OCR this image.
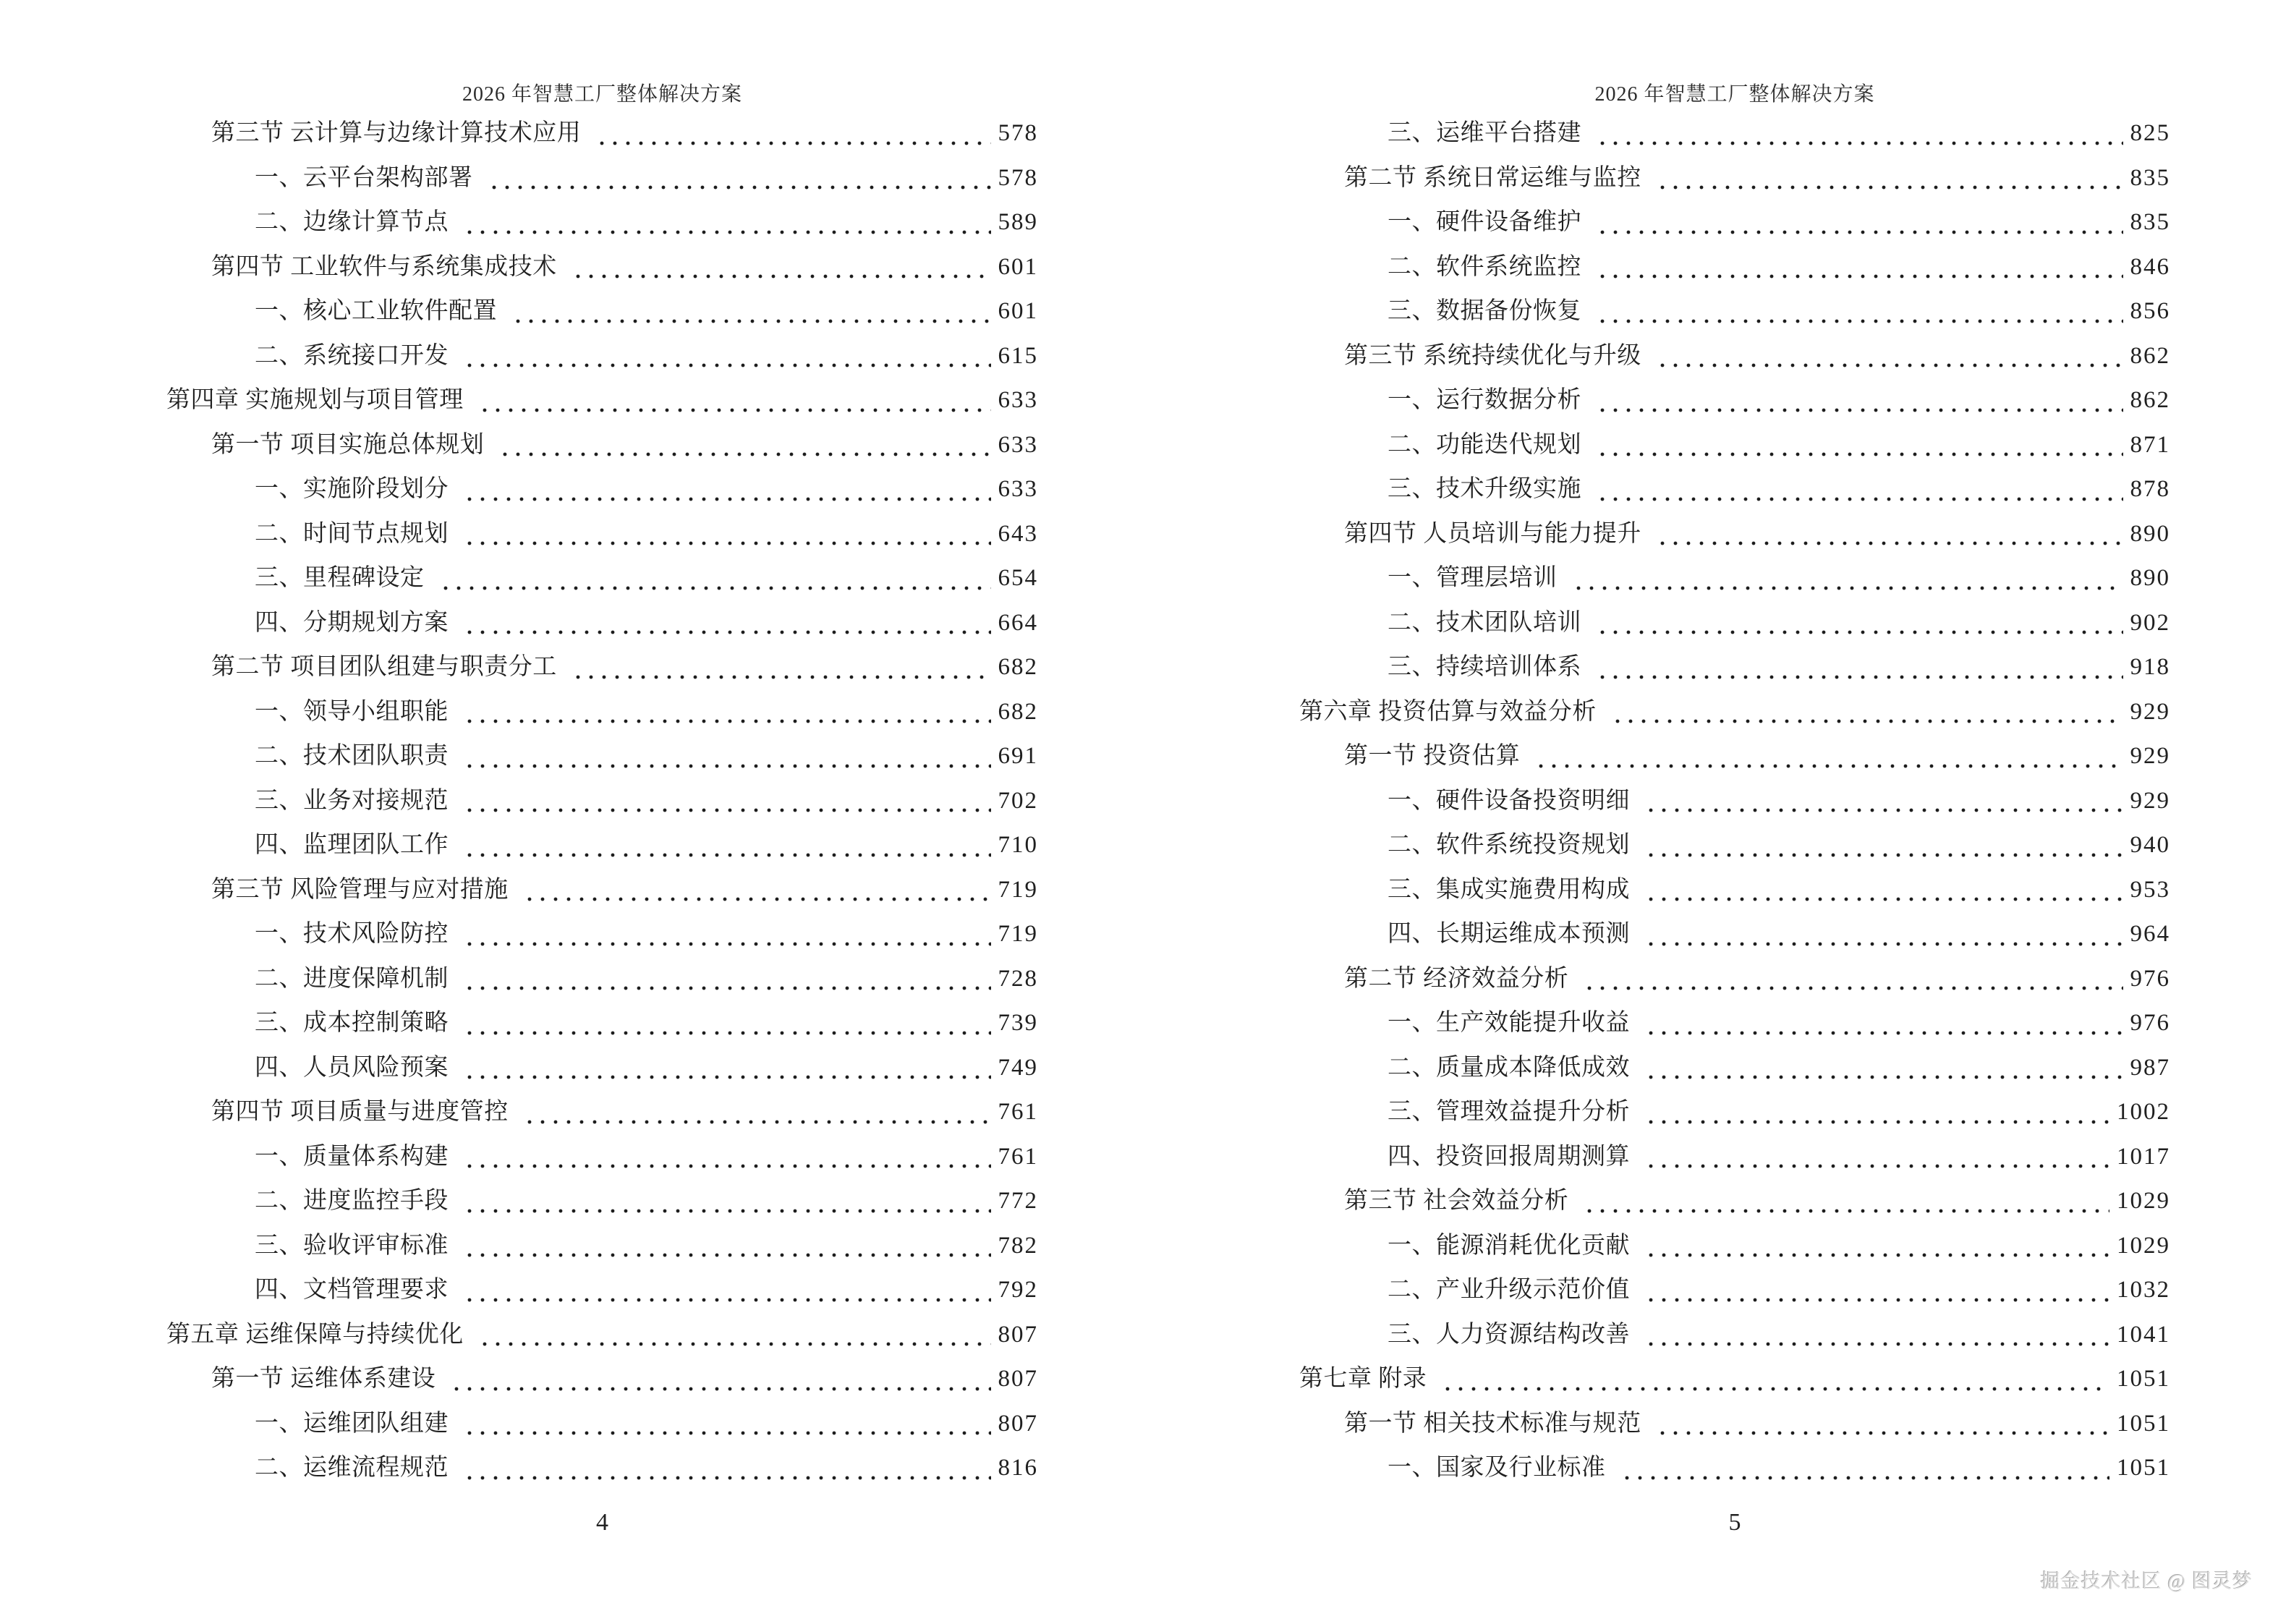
2026 年智慧工厂整体解决方案
第三节 云计算与边缘计算技术应用	578
一、云平台架构部署	578
二、边缘计算节点	589
第四节 工业软件与系统集成技术	601
一、核心工业软件配置	601
二、系统接口开发	615
第四章 实施规划与项目管理	633
第一节 项目实施总体规划	633
一、实施阶段划分	633
二、时间节点规划	643
三、里程碑设定	654
四、分期规划方案	664
第二节 项目团队组建与职责分工	682
一、领导小组职能	682
二、技术团队职责	691
三、业务对接规范	702
四、监理团队工作	710
第三节 风险管理与应对措施	719
一、技术风险防控	719
二、进度保障机制	728
三、成本控制策略	739
四、人员风险预案	749
第四节 项目质量与进度管控	761
一、质量体系构建	761
二、进度监控手段	772
三、验收评审标准	782
四、文档管理要求	792
第五章 运维保障与持续优化	807
第一节 运维体系建设	807
一、运维团队组建	807
二、运维流程规范	816
4
2026 年智慧工厂整体解决方案
三、运维平台搭建	825
第二节 系统日常运维与监控	835
一、硬件设备维护	835
二、软件系统监控	846
三、数据备份恢复	856
第三节 系统持续优化与升级	862
一、运行数据分析	862
二、功能迭代规划	871
三、技术升级实施	878
第四节 人员培训与能力提升	890
一、管理层培训	890
二、技术团队培训	902
三、持续培训体系	918
第六章 投资估算与效益分析	929
第一节 投资估算	929
一、硬件设备投资明细	929
二、软件系统投资规划	940
三、集成实施费用构成	953
四、长期运维成本预测	964
第二节 经济效益分析	976
一、生产效能提升收益	976
二、质量成本降低成效	987
三、管理效益提升分析	1002
四、投资回报周期测算	1017
第三节 社会效益分析	1029
一、能源消耗优化贡献	1029
二、产业升级示范价值	1032
三、人力资源结构改善	1041
第七章 附录	1051
第一节 相关技术标准与规范	1051
一、国家及行业标准	1051
5
掘金技术社区 @ 图灵梦
